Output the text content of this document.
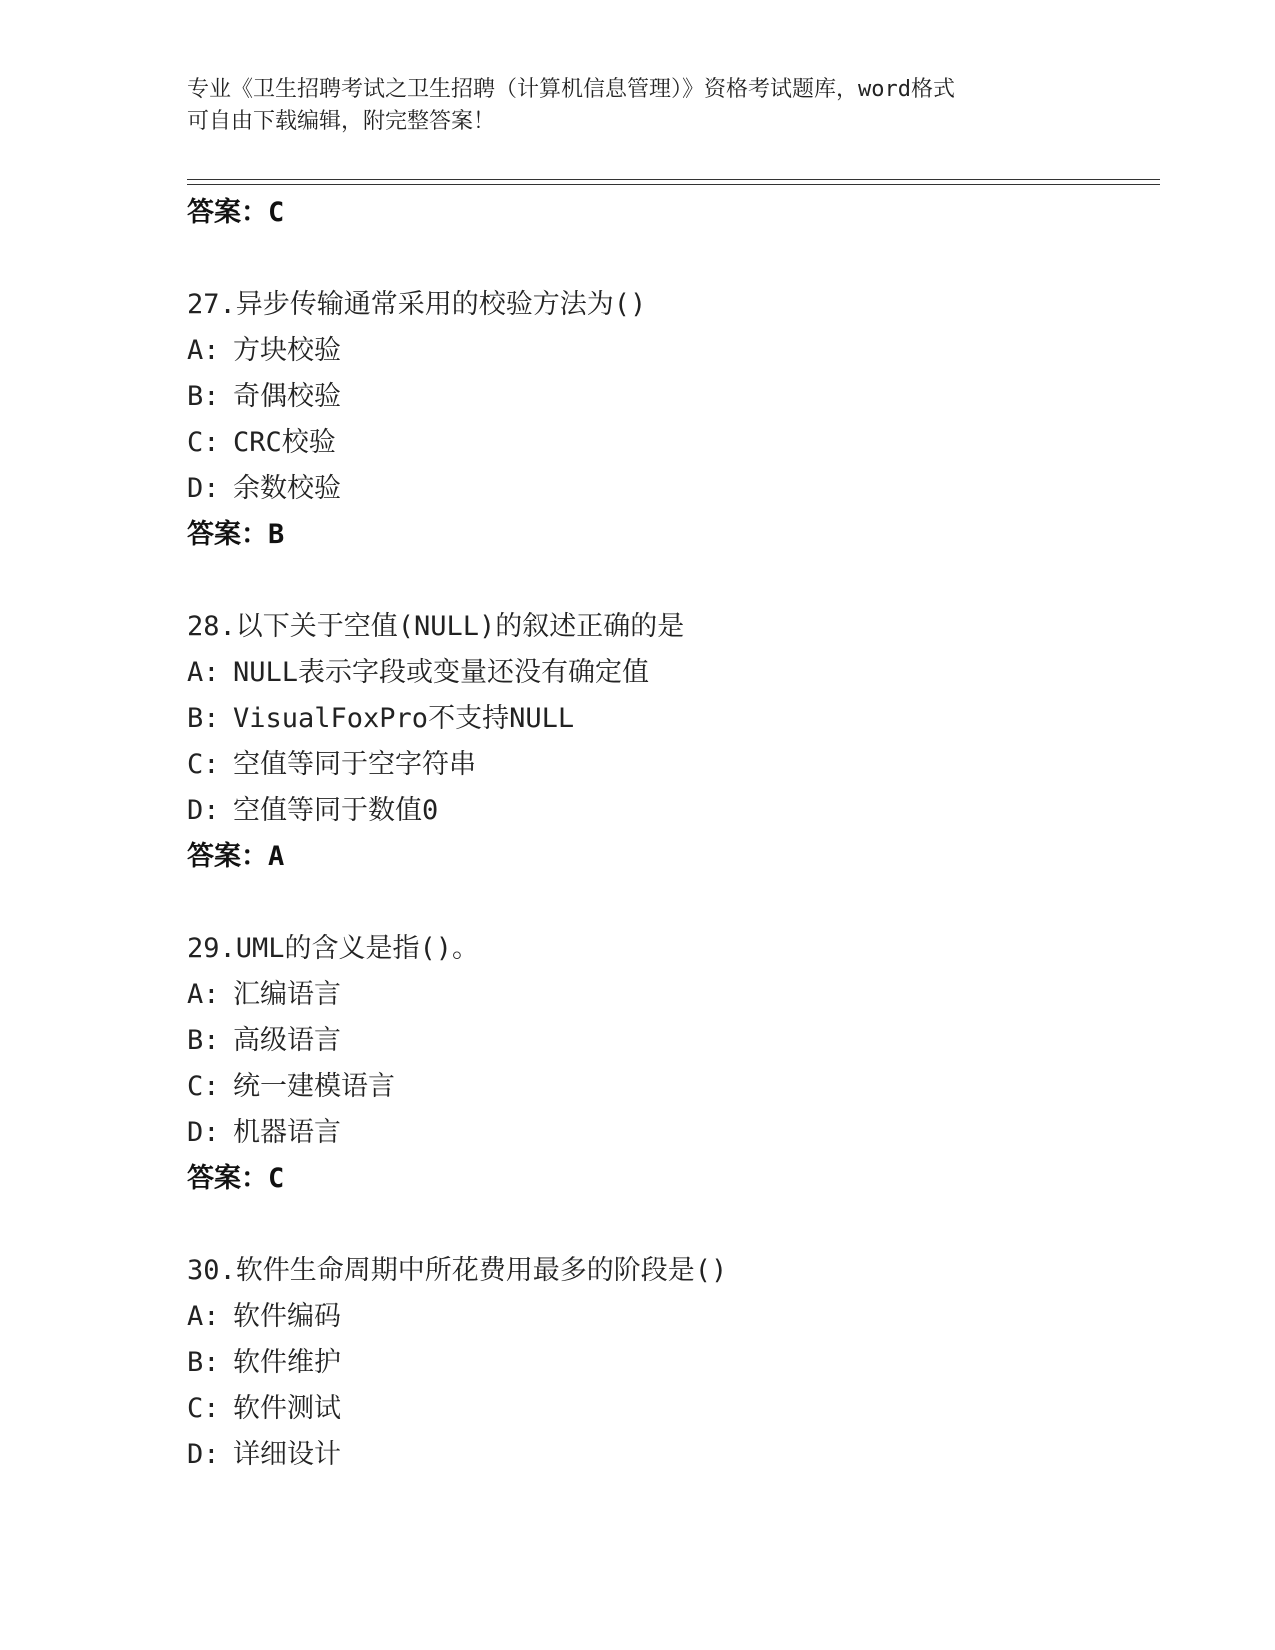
专业《卫生招聘考试之卫生招聘（计算机信息管理）》资格考试题库，word格式
可自由下载编辑，附完整答案！
答案：C
27.异步传输通常采用的校验方法为()
A: 方块校验
B: 奇偶校验
C: CRC校验
D: 余数校验
答案：B
28.以下关于空值(NULL)的叙述正确的是
A: NULL表示字段或变量还没有确定值
B: VisualFoxPro不支持NULL
C: 空值等同于空字符串
D: 空值等同于数值0
答案：A
29.UML的含义是指()。
A: 汇编语言
B: 高级语言
C: 统一建模语言
D: 机器语言
答案：C
30.软件生命周期中所花费用最多的阶段是()
A: 软件编码
B: 软件维护
C: 软件测试
D: 详细设计
